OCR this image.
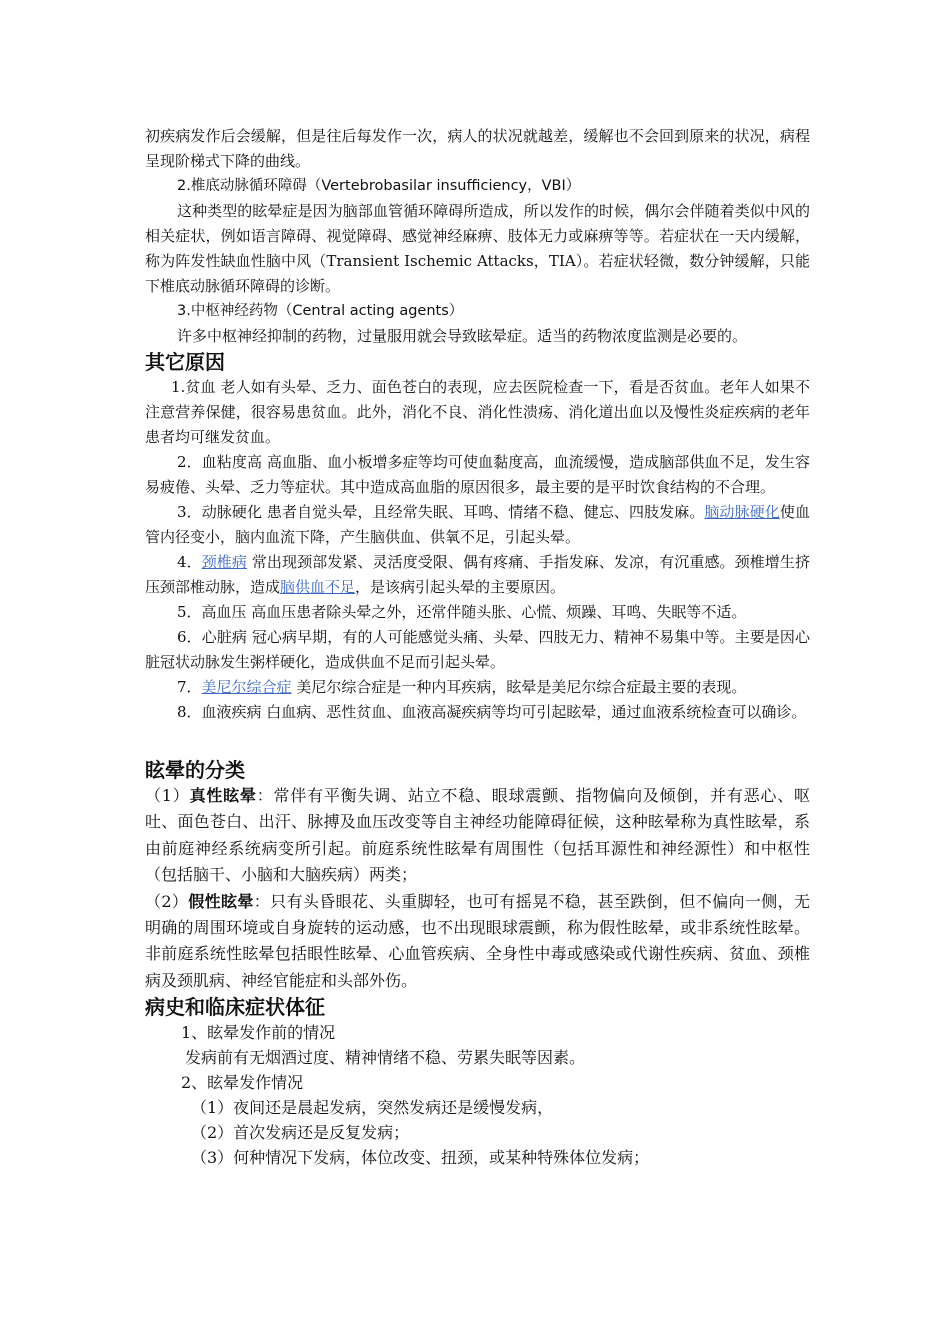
初疾病发作后会缓解，但是往后每发作一次，病人的状况就越差，缓解也不会回到原来的状况，病程呈现阶梯式下降的曲线。

2.椎底动脉循环障碍（Vertebrobasilar insufficiency，VBI）

这种类型的眩晕症是因为脑部血管循环障碍所造成，所以发作的时候，偶尔会伴随着类似中风的相关症状，例如语言障碍、视觉障碍、感觉神经麻痹、肢体无力或麻痹等等。若症状在一天内缓解，称为阵发性缺血性脑中风（Transient Ischemic Attacks，TIA）。若症状轻微，数分钟缓解，只能下椎底动脉循环障碍的诊断。

3.中枢神经药物（Central acting agents）

许多中枢神经抑制的药物，过量服用就会导致眩晕症。适当的药物浓度监测是必要的。

其它原因

1.贫血 老人如有头晕、乏力、面色苍白的表现，应去医院检查一下，看是否贫血。老年人如果不注意营养保健，很容易患贫血。此外，消化不良、消化性溃疡、消化道出血以及慢性炎症疾病的老年患者均可继发贫血。

2．血粘度高 高血脂、血小板增多症等均可使血黏度高，血流缓慢，造成脑部供血不足，发生容易疲倦、头晕、乏力等症状。其中造成高血脂的原因很多，最主要的是平时饮食结构的不合理。

3．动脉硬化 患者自觉头晕，且经常失眠、耳鸣、情绪不稳、健忘、四肢发麻。脑动脉硬化使血管内径变小，脑内血流下降，产生脑供血、供氧不足，引起头晕。

4．颈椎病 常出现颈部发紧、灵活度受限、偶有疼痛、手指发麻、发凉，有沉重感。颈椎增生挤压颈部椎动脉，造成脑供血不足，是该病引起头晕的主要原因。

5．高血压 高血压患者除头晕之外，还常伴随头胀、心慌、烦躁、耳鸣、失眠等不适。

6．心脏病 冠心病早期，有的人可能感觉头痛、头晕、四肢无力、精神不易集中等。主要是因心脏冠状动脉发生粥样硬化，造成供血不足而引起头晕。

7．美尼尔综合症 美尼尔综合症是一种内耳疾病，眩晕是美尼尔综合症最主要的表现。

8．血液疾病 白血病、恶性贫血、血液高凝疾病等均可引起眩晕，通过血液系统检查可以确诊。

眩晕的分类

（1）真性眩晕：常伴有平衡失调、站立不稳、眼球震颤、指物偏向及倾倒，并有恶心、呕吐、面色苍白、出汗、脉搏及血压改变等自主神经功能障碍征候，这种眩晕称为真性眩晕，系由前庭神经系统病变所引起。前庭系统性眩晕有周围性（包括耳源性和神经源性）和中枢性（包括脑干、小脑和大脑疾病）两类；

（2）假性眩晕：只有头昏眼花、头重脚轻，也可有摇晃不稳，甚至跌倒，但不偏向一侧，无明确的周围环境或自身旋转的运动感，也不出现眼球震颤，称为假性眩晕，或非系统性眩晕。非前庭系统性眩晕包括眼性眩晕、心血管疾病、全身性中毒或感染或代谢性疾病、贫血、颈椎病及颈肌病、神经官能症和头部外伤。

病史和临床症状体征

1、眩晕发作前的情况

发病前有无烟酒过度、精神情绪不稳、劳累失眠等因素。

2、眩晕发作情况

（1）夜间还是晨起发病，突然发病还是缓慢发病，

（2）首次发病还是反复发病；

（3）何种情况下发病，体位改变、扭颈，或某种特殊体位发病；
